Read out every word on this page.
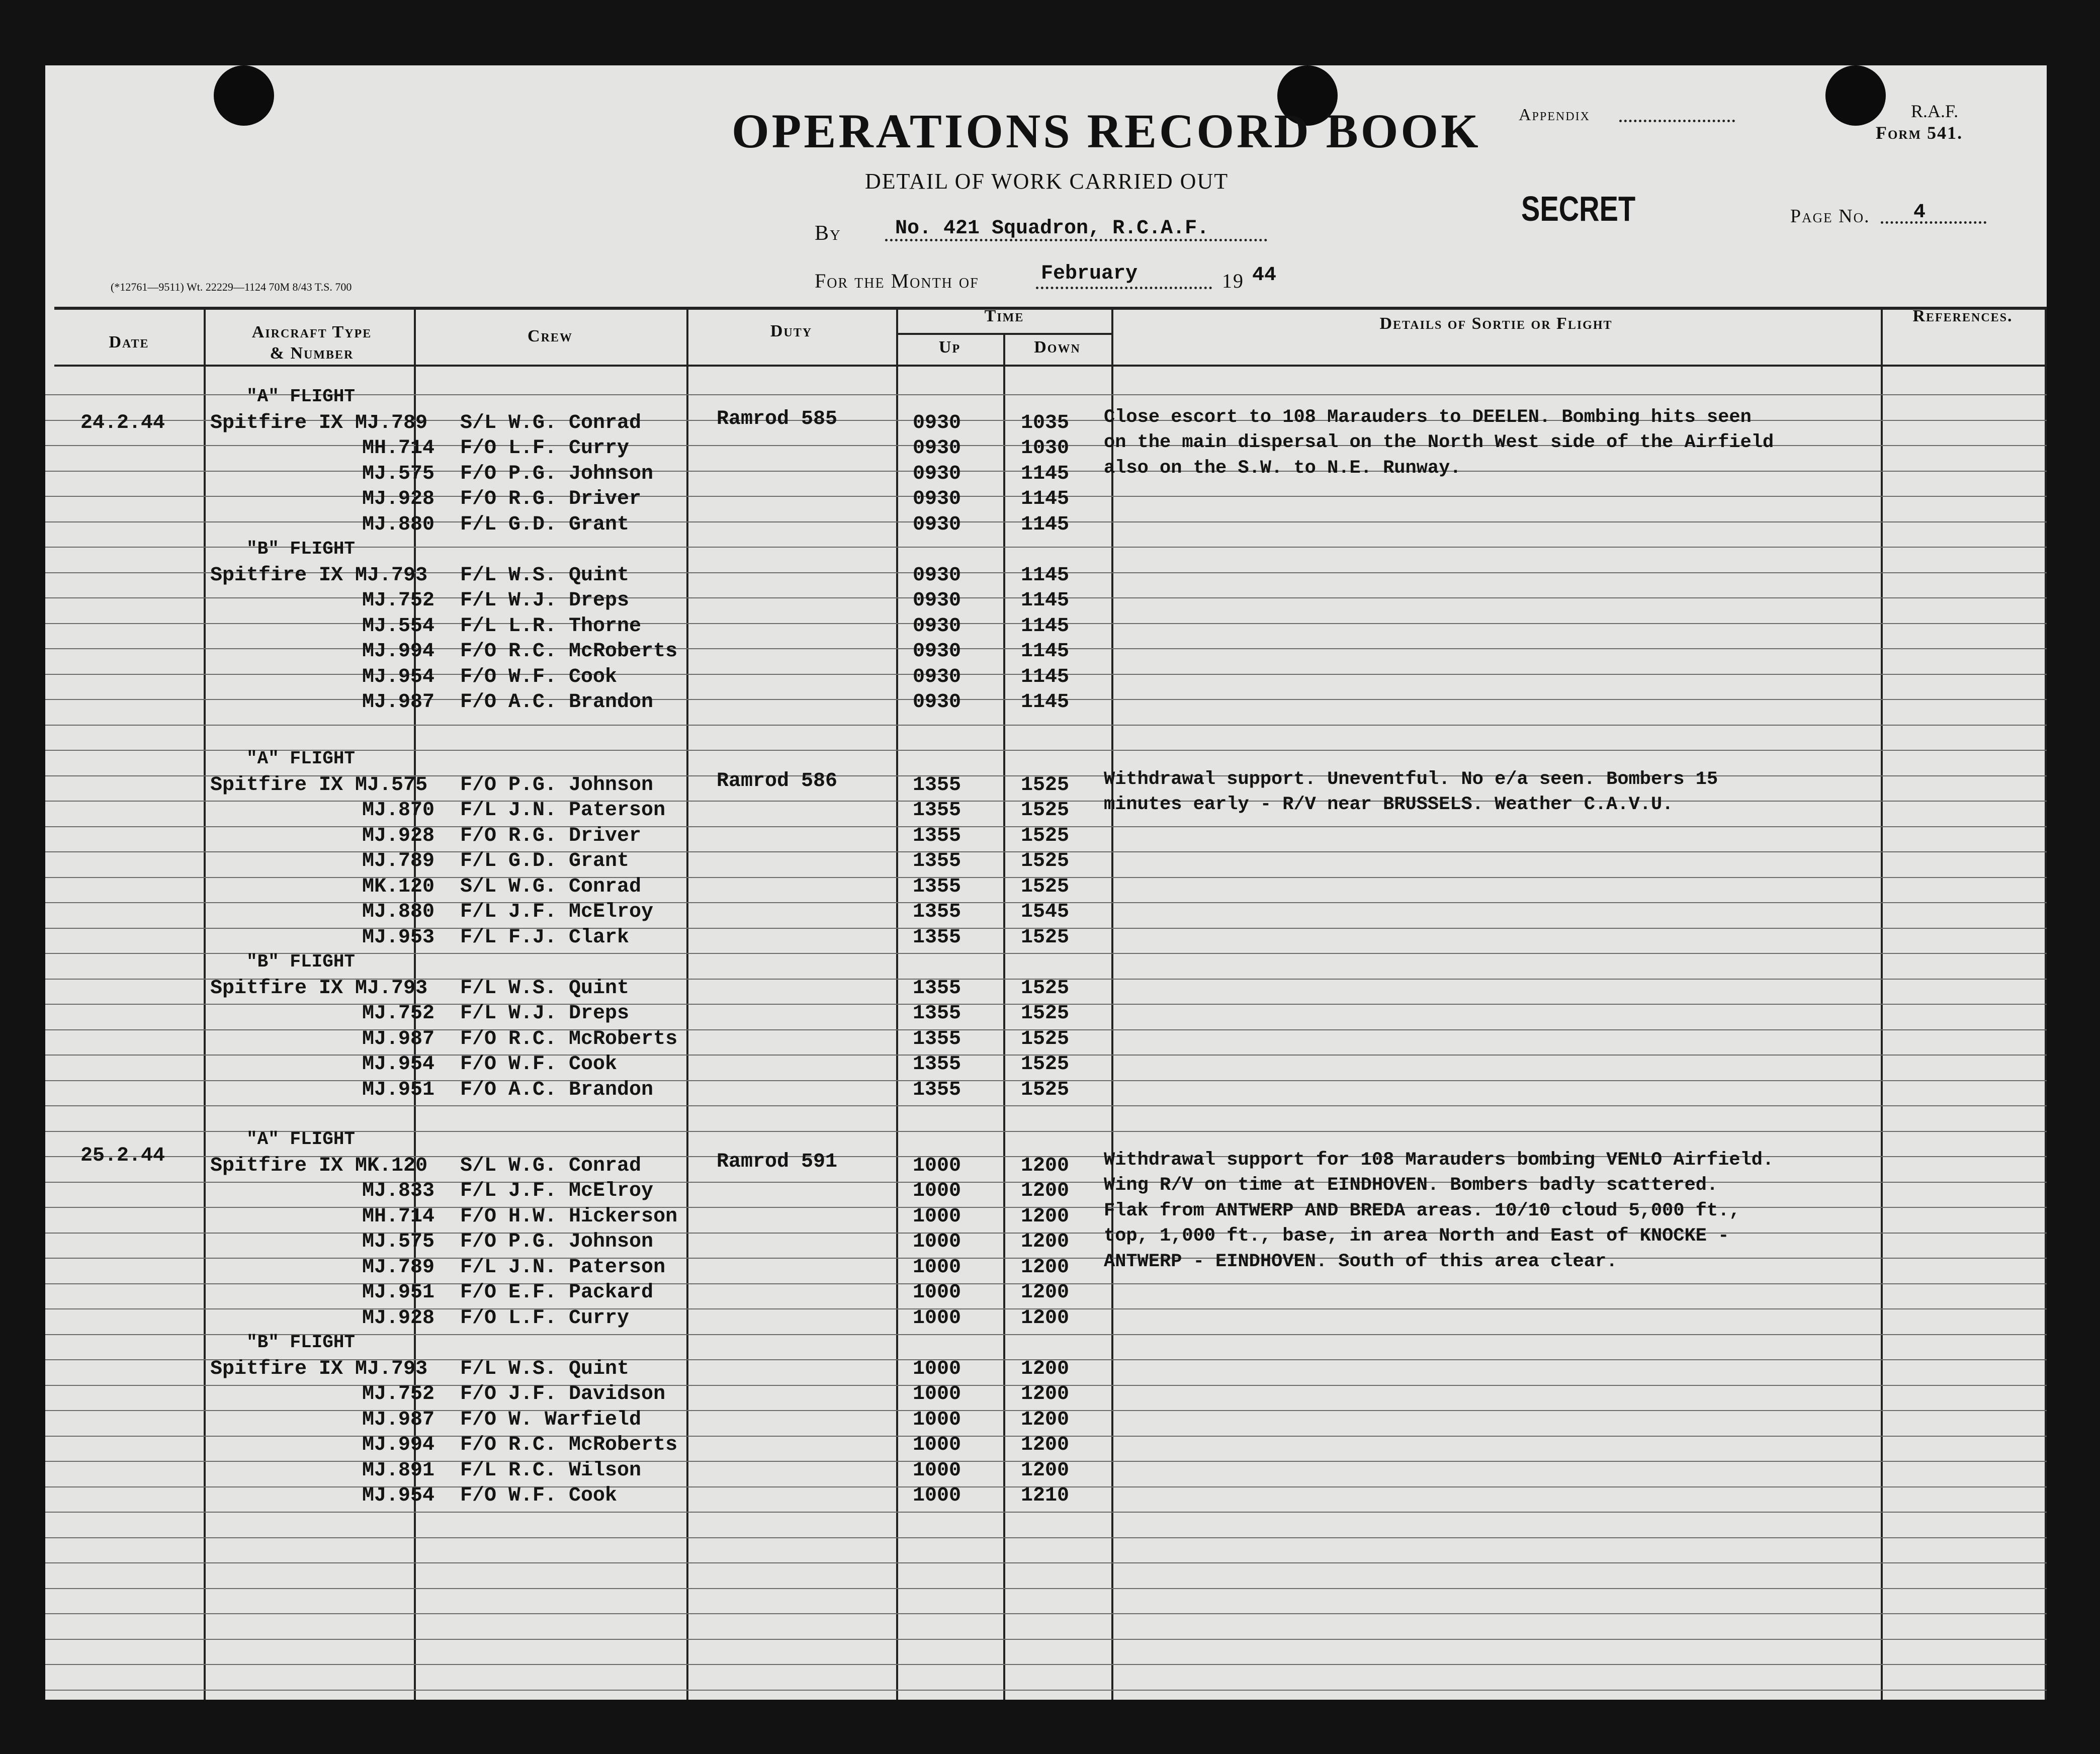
OPERATIONS RECORD BOOK
DETAIL OF WORK CARRIED OUT
By	No. 421 Squadron, R.C.A.F.
For the Month of	February	19 44
Appendix	R.A.F.
Form 541.
SECRET	Page No. 4
(*12761—9511) Wt. 22229—1124 70M 8/43 T.S. 700
Date
Aircraft Type & Number
Crew	Duty
Time
Up	Down
Details of Sortie or Flight	References.
24.2.44	Ramrod 585	Close escort to 108 Marauders to DEELEN. Bombing hits seen
on the main dispersal on the North West side of the Airfield
also on the S.W. to N.E. Runway.
"A" FLIGHT
Spitfire IX MJ.789 S/L W.G. Conrad	0930	1035
MH.714 F/O L.F. Curry	0930	1030
MJ.575 F/O P.G. Johnson	0930	1145
MJ.928 F/O R.G. Driver	0930	1145
MJ.880 F/L G.D. Grant	0930	1145
"B" FLIGHT
Spitfire IX MJ.793 F/L W.S. Quint	0930	1145
MJ.752 F/L W.J. Dreps	0930	1145
MJ.554 F/L L.R. Thorne	0930	1145
MJ.994 F/O R.C. McRoberts	0930	1145
MJ.954 F/O W.F. Cook	0930	1145
MJ.987 F/O A.C. Brandon	0930	1145
Ramrod 586	Withdrawal support. Uneventful. No e/a seen. Bombers 15
minutes early - R/V near BRUSSELS. Weather C.A.V.U.
"A" FLIGHT
Spitfire IX MJ.575 F/O P.G. Johnson	1355	1525
MJ.870 F/L J.N. Paterson	1355	1525
MJ.928 F/O R.G. Driver	1355	1525
MJ.789 F/L G.D. Grant	1355	1525
MK.120 S/L W.G. Conrad	1355	1525
MJ.880 F/L J.F. McElroy	1355	1545
MJ.953 F/L F.J. Clark	1355	1525
"B" FLIGHT
Spitfire IX MJ.793 F/L W.S. Quint	1355	1525
MJ.752 F/L W.J. Dreps	1355	1525
MJ.987 F/O R.C. McRoberts	1355	1525
MJ.954 F/O W.F. Cook	1355	1525
MJ.951 F/O A.C. Brandon	1355	1525
25.2.44	Ramrod 591	Withdrawal support for 108 Marauders bombing VENLO Airfield.
Wing R/V on time at EINDHOVEN. Bombers badly scattered.
Flak from ANTWERP AND BREDA areas. 10/10 cloud 5,000 ft.,
top, 1,000 ft., base, in area North and East of KNOCKE -
ANTWERP - EINDHOVEN. South of this area clear.
"A" FLIGHT
Spitfire IX MK.120 S/L W.G. Conrad	1000	1200
MJ.833 F/L J.F. McElroy	1000	1200
MH.714 F/O H.W. Hickerson	1000	1200
MJ.575 F/O P.G. Johnson	1000	1200
MJ.789 F/L J.N. Paterson	1000	1200
MJ.951 F/O E.F. Packard	1000	1200
MJ.928 F/O L.F. Curry	1000	1200
"B" FLIGHT
Spitfire IX MJ.793 F/L W.S. Quint	1000	1200
MJ.752 F/O J.F. Davidson	1000	1200
MJ.987 F/O W. Warfield	1000	1200
MJ.994 F/O R.C. McRoberts	1000	1200
MJ.891 F/L R.C. Wilson	1000	1200
MJ.954 F/O W.F. Cook	1000	1210
